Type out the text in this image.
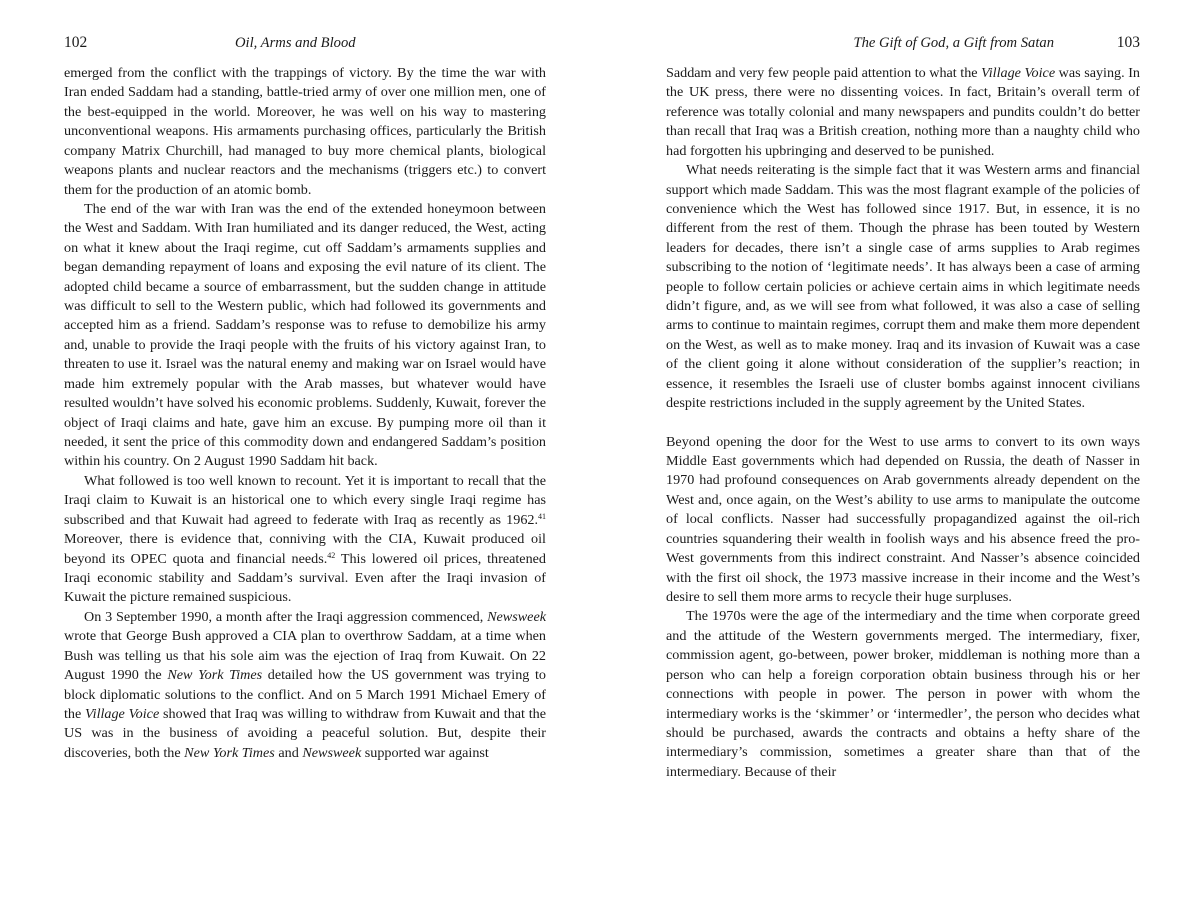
102	Oil, Arms and Blood

emerged from the conflict with the trappings of victory. By the time the war with Iran ended Saddam had a standing, battle-tried army of over one million men, one of the best-equipped in the world. Moreover, he was well on his way to mastering unconventional weapons. His armaments purchasing offices, particularly the British company Matrix Churchill, had managed to buy more chemical plants, biological weapons plants and nuclear reactors and the mechanisms (triggers etc.) to convert them for the production of an atomic bomb.

The end of the war with Iran was the end of the extended honeymoon between the West and Saddam. With Iran humiliated and its danger reduced, the West, acting on what it knew about the Iraqi regime, cut off Saddam’s armaments supplies and began demanding repayment of loans and exposing the evil nature of its client. The adopted child became a source of embarrassment, but the sudden change in attitude was difficult to sell to the Western public, which had followed its governments and accepted him as a friend. Saddam’s response was to refuse to demobilize his army and, unable to provide the Iraqi people with the fruits of his victory against Iran, to threaten to use it. Israel was the natural enemy and making war on Israel would have made him extremely popular with the Arab masses, but whatever would have resulted wouldn’t have solved his economic problems. Suddenly, Kuwait, forever the object of Iraqi claims and hate, gave him an excuse. By pumping more oil than it needed, it sent the price of this commodity down and endangered Saddam’s position within his country. On 2 August 1990 Saddam hit back.

What followed is too well known to recount. Yet it is important to recall that the Iraqi claim to Kuwait is an historical one to which every single Iraqi regime has subscribed and that Kuwait had agreed to federate with Iraq as recently as 1962.41 Moreover, there is evidence that, conniving with the CIA, Kuwait produced oil beyond its OPEC quota and financial needs.$^{42}$ This lowered oil prices, threatened Iraqi economic stability and Saddam’s survival. Even after the Iraqi invasion of Kuwait the picture remained suspicious.

On 3 September 1990, a month after the Iraqi aggression commenced, Newsweek wrote that George Bush approved a CIA plan to overthrow Saddam, at a time when Bush was telling us that his sole aim was the ejection of Iraq from Kuwait. On 22 August 1990 the New York Times detailed how the US government was trying to block diplomatic solutions to the conflict. And on 5 March 1991 Michael Emery of the Village Voice showed that Iraq was willing to withdraw from Kuwait and that the US was in the business of avoiding a peaceful solution. But, despite their discoveries, both the New York Times and Newsweek supported war against

The Gift of God, a Gift from Satan	103

Saddam and very few people paid attention to what the Village Voice was saying. In the UK press, there were no dissenting voices. In fact, Britain’s overall term of reference was totally colonial and many newspapers and pundits couldn’t do better than recall that Iraq was a British creation, nothing more than a naughty child who had forgotten his upbringing and deserved to be punished.

What needs reiterating is the simple fact that it was Western arms and financial support which made Saddam. This was the most flagrant example of the policies of convenience which the West has followed since 1917. But, in essence, it is no different from the rest of them. Though the phrase has been touted by Western leaders for decades, there isn’t a single case of arms supplies to Arab regimes subscribing to the notion of ‘legitimate needs’. It has always been a case of arming people to follow certain policies or achieve certain aims in which legitimate needs didn’t figure, and, as we will see from what followed, it was also a case of selling arms to continue to maintain regimes, corrupt them and make them more dependent on the West, as well as to make money. Iraq and its invasion of Kuwait was a case of the client going it alone without consideration of the supplier’s reaction; in essence, it resembles the Israeli use of cluster bombs against innocent civilians despite restrictions included in the supply agreement by the United States.

Beyond opening the door for the West to use arms to convert to its own ways Middle East governments which had depended on Russia, the death of Nasser in 1970 had profound consequences on Arab governments already dependent on the West and, once again, on the West’s ability to use arms to manipulate the outcome of local conflicts. Nasser had successfully propagandized against the oil-rich countries squandering their wealth in foolish ways and his absence freed the pro-West governments from this indirect constraint. And Nasser’s absence coincided with the first oil shock, the 1973 massive increase in their income and the West’s desire to sell them more arms to recycle their huge surpluses.

The 1970s were the age of the intermediary and the time when corporate greed and the attitude of the Western governments merged. The intermediary, fixer, commission agent, go-between, power broker, middleman is nothing more than a person who can help a foreign corporation obtain business through his or her connections with people in power. The person in power with whom the intermediary works is the ‘skimmer’ or ‘intermedler’, the person who decides what should be purchased, awards the contracts and obtains a hefty share of the intermediary’s commission, sometimes a greater share than that of the intermediary. Because of their
